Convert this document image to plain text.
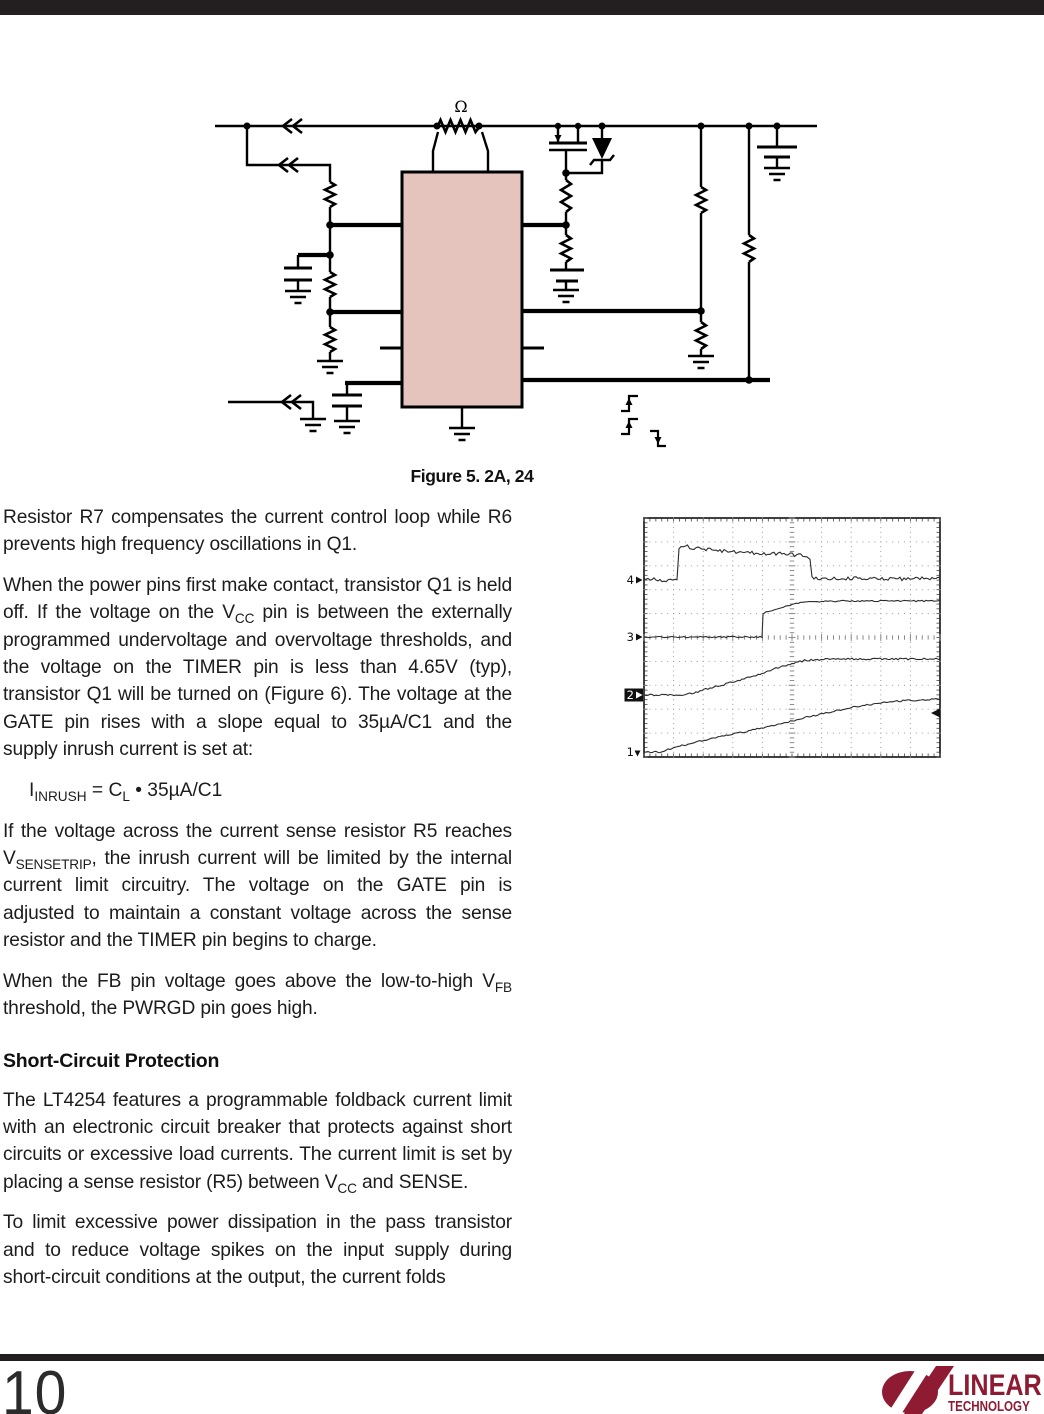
Ω
Figure 5. 2A, 24

Resistor R7 compensates the current control loop while R6 prevents high frequency oscillations in Q1.

When the power pins first make contact, transistor Q1 is held off. If the voltage on the $V_{CC}$ pin is between the externally programmed undervoltage and overvoltage thresholds, and the voltage on the TIMER pin is less than 4.65V (typ), transistor Q1 will be turned on (Figure 6). The voltage at the GATE pin rises with a slope equal to 35µA/C1 and the supply inrush current is set at:

$I_{INRUSH} = C_L$ • 35µA/C1

If the voltage across the current sense resistor R5 reaches $V_{SENSETRIP}$, the inrush current will be limited by the internal current limit circuitry. The voltage on the GATE pin is adjusted to maintain a constant voltage across the sense resistor and the TIMER pin begins to charge.

When the FB pin voltage goes above the low-to-high $V_{FB}$ threshold, the PWRGD pin goes high.

Short-Circuit Protection

The LT4254 features a programmable foldback current limit with an electronic circuit breaker that protects against short circuits or excessive load currents. The current limit is set by placing a sense resistor (R5) between $V_{CC}$ and SENSE.

To limit excessive power dissipation in the pass transistor and to reduce voltage spikes on the input supply during short-circuit conditions at the output, the current folds

4
3
2
1
10	LINEAR
TECHNOLOGY
